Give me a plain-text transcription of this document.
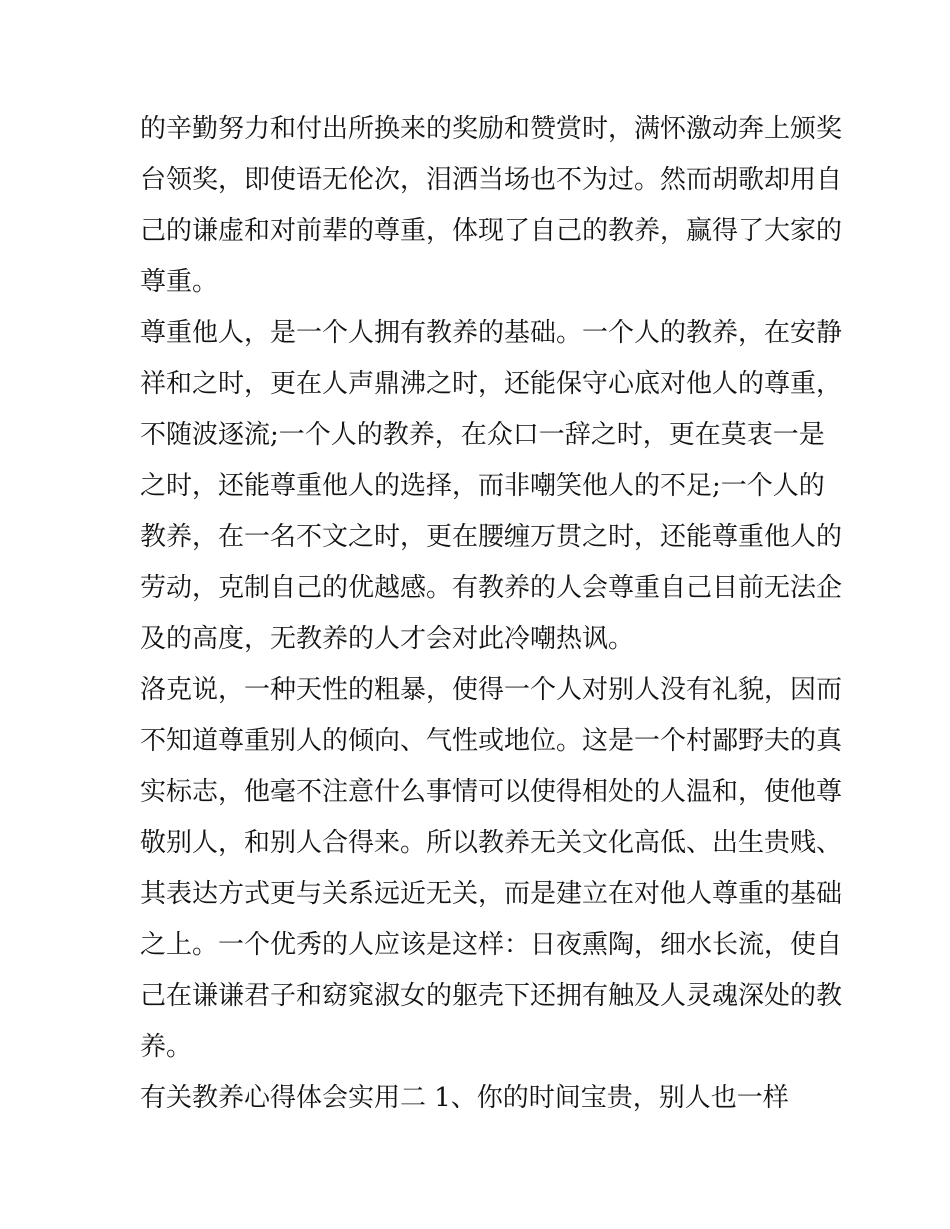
的辛勤努力和付出所换来的奖励和赞赏时，满怀激动奔上颁奖
台领奖，即使语无伦次，泪洒当场也不为过。然而胡歌却用自
己的谦虚和对前辈的尊重，体现了自己的教养，赢得了大家的
尊重。

尊重他人，是一个人拥有教养的基础。一个人的教养，在安静
祥和之时，更在人声鼎沸之时，还能保守心底对他人的尊重，
不随波逐流;一个人的教养，在众口一辞之时，更在莫衷一是
之时，还能尊重他人的选择，而非嘲笑他人的不足;一个人的
教养，在一名不文之时，更在腰缠万贯之时，还能尊重他人的
劳动，克制自己的优越感。有教养的人会尊重自己目前无法企
及的高度，无教养的人才会对此冷嘲热讽。

洛克说，一种天性的粗暴，使得一个人对别人没有礼貌，因而
不知道尊重别人的倾向、气性或地位。这是一个村鄙野夫的真
实标志，他毫不注意什么事情可以使得相处的人温和，使他尊
敬别人，和别人合得来。所以教养无关文化高低、出生贵贱、
其表达方式更与关系远近无关，而是建立在对他人尊重的基础
之上。一个优秀的人应该是这样：日夜熏陶，细水长流，使自
己在谦谦君子和窈窕淑女的躯壳下还拥有触及人灵魂深处的教
养。

有关教养心得体会实用二 1、你的时间宝贵，别人也一样
